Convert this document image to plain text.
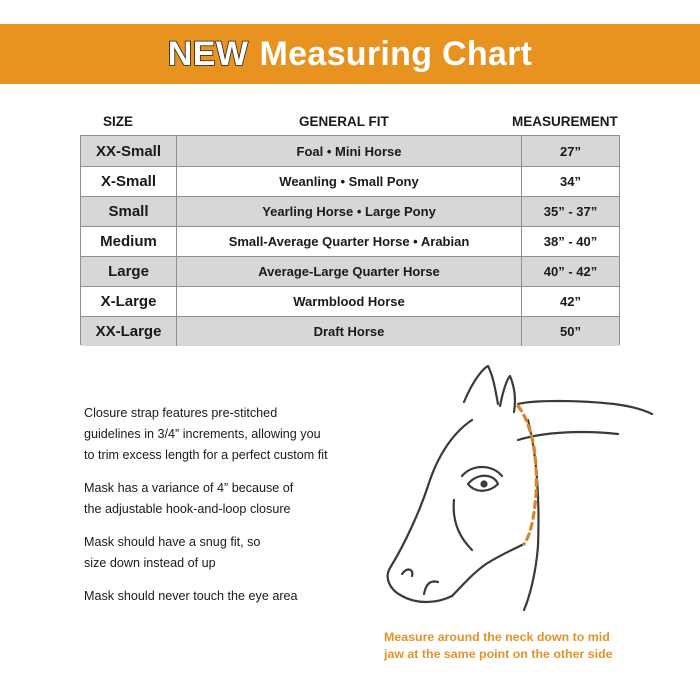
NEW Measuring Chart
SIZE	GENERAL FIT	MEASUREMENT
XX-Small	Foal • Mini Horse	27”
X-Small	Weanling • Small Pony	34”
Small	Yearling Horse • Large Pony	35” - 37”
Medium	Small-Average Quarter Horse • Arabian	38” - 40”
Large	Average-Large Quarter Horse	40” - 42”
X-Large	Warmblood Horse	42”
XX-Large	Draft Horse	50”

Closure strap features pre-stitched
guidelines in 3/4” increments, allowing you
to trim excess length for a perfect custom fit

Mask has a variance of 4” because of
the adjustable hook-and-loop closure

Mask should have a snug fit, so
size down instead of up

Mask should never touch the eye area

Measure around the neck down to mid
jaw at the same point on the other side
